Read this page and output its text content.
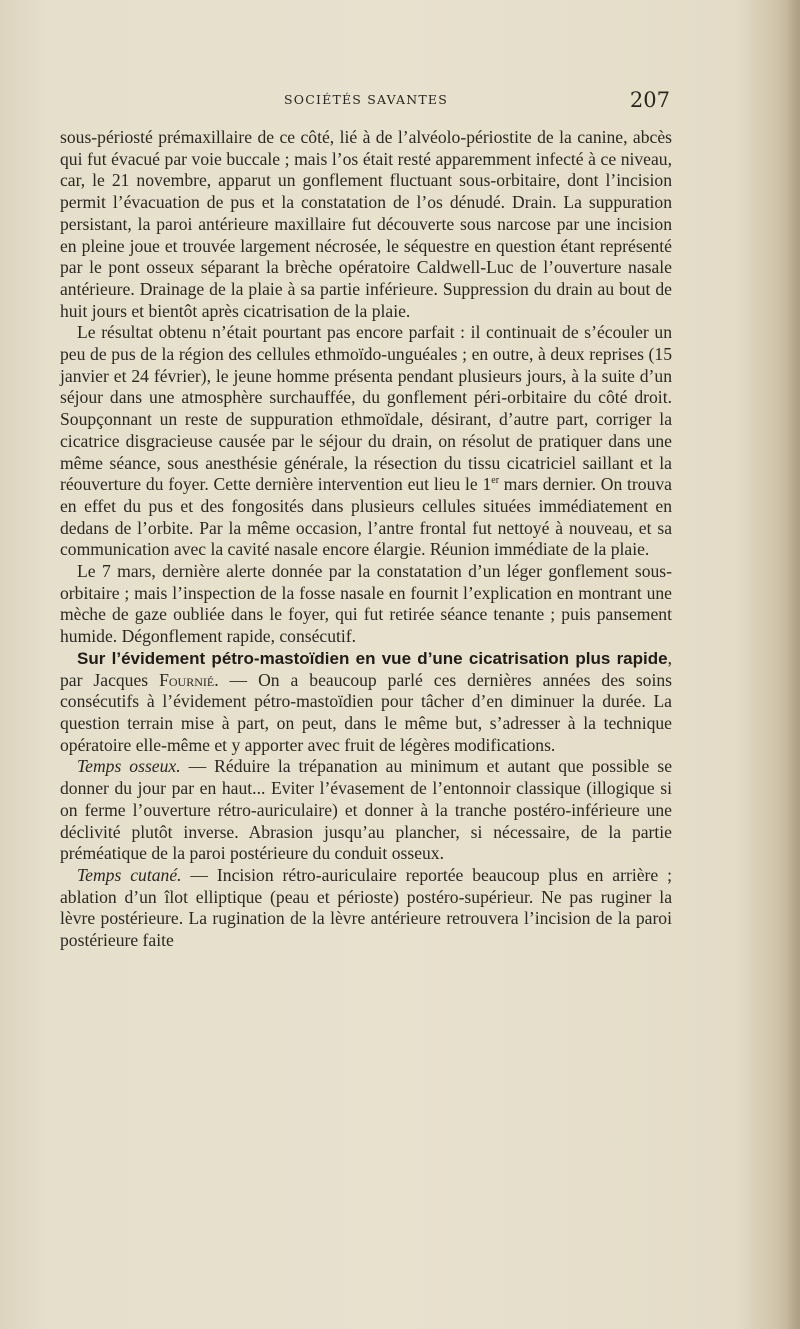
SOCIÉTÉS SAVANTES	207

sous-périosté prémaxillaire de ce côté, lié à de l’alvéolo-périostite de la canine, abcès qui fut évacué par voie buccale ; mais l’os était resté apparemment infecté à ce niveau, car, le 21 novembre, apparut un gonflement fluctuant sous-orbitaire, dont l’incision permit l’évacuation de pus et la constatation de l’os dénudé. Drain. La suppuration persistant, la paroi antérieure maxillaire fut découverte sous narcose par une incision en pleine joue et trouvée largement nécrosée, le séquestre en question étant représenté par le pont osseux séparant la brèche opératoire Caldwell-Luc de l’ouverture nasale antérieure. Drainage de la plaie à sa partie inférieure. Suppression du drain au bout de huit jours et bientôt après cicatrisation de la plaie.

Le résultat obtenu n’était pourtant pas encore parfait : il continuait de s’écouler un peu de pus de la région des cellules ethmoïdo-unguéales ; en outre, à deux reprises (15 janvier et 24 février), le jeune homme présenta pendant plusieurs jours, à la suite d’un séjour dans une atmosphère surchauffée, du gonflement péri-orbitaire du côté droit. Soupçonnant un reste de suppuration ethmoïdale, désirant, d’autre part, corriger la cicatrice disgracieuse causée par le séjour du drain, on résolut de pratiquer dans une même séance, sous anesthésie générale, la résection du tissu cicatriciel saillant et la réouverture du foyer. Cette dernière intervention eut lieu le 1er mars dernier. On trouva en effet du pus et des fongosités dans plusieurs cellules situées immédiatement en dedans de l’orbite. Par la même occasion, l’antre frontal fut nettoyé à nouveau, et sa communication avec la cavité nasale encore élargie. Réunion immédiate de la plaie.

Le 7 mars, dernière alerte donnée par la constatation d’un léger gonflement sous-orbitaire ; mais l’inspection de la fosse nasale en fournit l’explication en montrant une mèche de gaze oubliée dans le foyer, qui fut retirée séance tenante ; puis pansement humide. Dégonflement rapide, consécutif.

Sur l’évidement pétro-mastoïdien en vue d’une cicatrisation plus rapide, par Jacques Fournié. — On a beaucoup parlé ces dernières années des soins consécutifs à l’évidement pétro-mastoïdien pour tâcher d’en diminuer la durée. La question terrain mise à part, on peut, dans le même but, s’adresser à la technique opératoire elle-même et y apporter avec fruit de légères modifications.

Temps osseux. — Réduire la trépanation au minimum et autant que possible se donner du jour par en haut... Eviter l’évasement de l’entonnoir classique (illogique si on ferme l’ouverture rétro-auriculaire) et donner à la tranche postéro-inférieure une déclivité plutôt inverse. Abrasion jusqu’au plancher, si nécessaire, de la partie préméatique de la paroi postérieure du conduit osseux.

Temps cutané. — Incision rétro-auriculaire reportée beaucoup plus en arrière ; ablation d’un îlot elliptique (peau et périoste) postéro-supérieur. Ne pas ruginer la lèvre postérieure. La rugination de la lèvre antérieure retrouvera l’incision de la paroi postérieure faite
